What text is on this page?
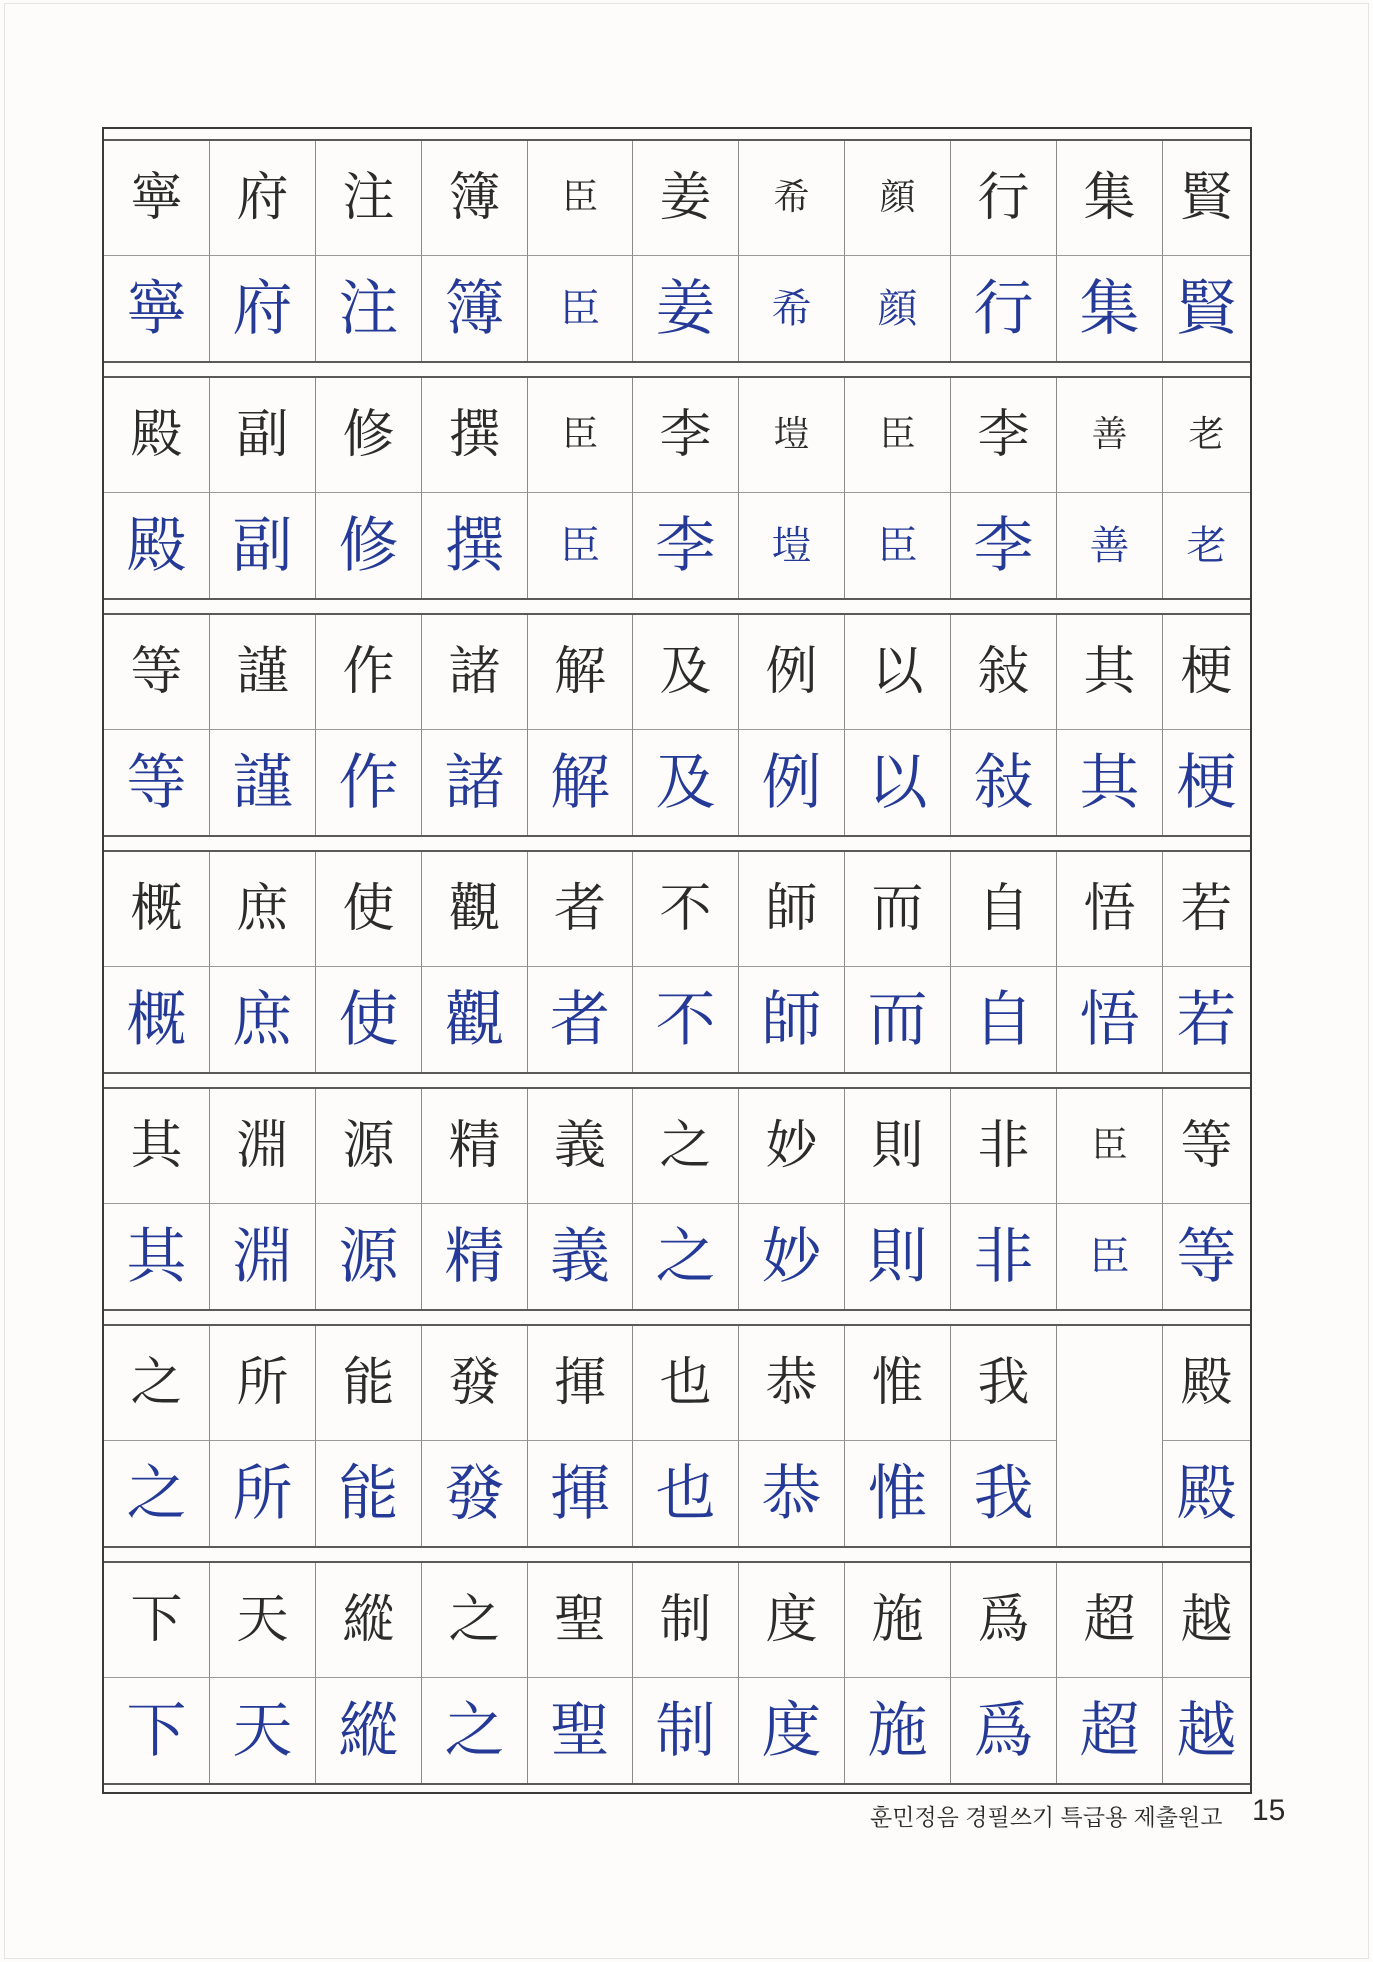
寧
寧
府
府
注
注
簿
簿
臣
臣
姜
姜
希
希
顔
顔
行
行
集
集
賢
賢
殿
殿
副
副
修
修
撰
撰
臣
臣
李
李
塏
塏
臣
臣
李
李
善
善
老
老
等
等
謹
謹
作
作
諸
諸
解
解
及
及
例
例
以
以
敍
敍
其
其
梗
梗
概
概
庶
庶
使
使
觀
觀
者
者
不
不
師
師
而
而
自
自
悟
悟
若
若
其
其
淵
淵
源
源
精
精
義
義
之
之
妙
妙
則
則
非
非
臣
臣
等
等
之
之
所
所
能
能
發
發
揮
揮
也
也
恭
恭
惟
惟
我
我
殿
殿
下
下
天
天
縱
縱
之
之
聖
聖
制
制
度
度
施
施
爲
爲
超
超
越
越
훈민정음 경필쓰기 특급용 제출원고 15
